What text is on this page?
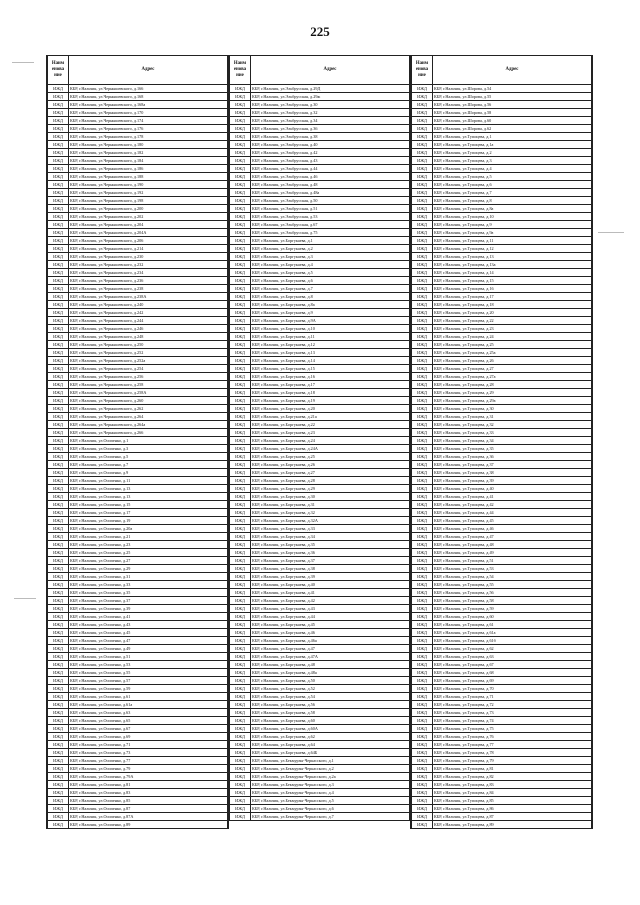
225
Наим енова ние	Адрес
ИЖД	КБР, г.Нальчик, ул.Чернышевского, д.166
ИЖД	КБР, г.Нальчик, ул.Чернышевского, д.168
ИЖД	КБР, г.Нальчик, ул.Чернышевского, д.168а
ИЖД	КБР, г.Нальчик, ул.Чернышевского, д.170
ИЖД	КБР, г.Нальчик, ул.Чернышевского, д.174
ИЖД	КБР, г.Нальчик, ул.Чернышевского, д.176
ИЖД	КБР, г.Нальчик, ул.Чернышевского, д.178
ИЖД	КБР, г.Нальчик, ул.Чернышевского, д.180
ИЖД	КБР, г.Нальчик, ул.Чернышевского, д.182
ИЖД	КБР, г.Нальчик, ул.Чернышевского, д.184
ИЖД	КБР, г.Нальчик, ул.Чернышевского, д.186
ИЖД	КБР, г.Нальчик, ул.Чернышевского, д.188
ИЖД	КБР, г.Нальчик, ул.Чернышевского, д.190
ИЖД	КБР, г.Нальчик, ул.Чернышевского, д.192
ИЖД	КБР, г.Нальчик, ул.Чернышевского, д.198
ИЖД	КБР, г.Нальчик, ул.Чернышевского, д.200
ИЖД	КБР, г.Нальчик, ул.Чернышевского, д.202
ИЖД	КБР, г.Нальчик, ул.Чернышевского, д.204
ИЖД	КБР, г.Нальчик, ул.Чернышевского, д.204А
ИЖД	КБР, г.Нальчик, ул.Чернышевского, д.206
ИЖД	КБР, г.Нальчик, ул.Чернышевского, д.214
ИЖД	КБР, г.Нальчик, ул.Чернышевского, д.230
ИЖД	КБР, г.Нальчик, ул.Чернышевского, д.232
ИЖД	КБР, г.Нальчик, ул.Чернышевского, д.234
ИЖД	КБР, г.Нальчик, ул.Чернышевского, д.236
ИЖД	КБР, г.Нальчик, ул.Чернышевского, д.238
ИЖД	КБР, г.Нальчик, ул.Чернышевского, д.238А
ИЖД	КБР, г.Нальчик, ул.Чернышевского, д.240
ИЖД	КБР, г.Нальчик, ул.Чернышевского, д.242
ИЖД	КБР, г.Нальчик, ул.Чернышевского, д.244
ИЖД	КБР, г.Нальчик, ул.Чернышевского, д.246
ИЖД	КБР, г.Нальчик, ул.Чернышевского, д.248
ИЖД	КБР, г.Нальчик, ул.Чернышевского, д.250
ИЖД	КБР, г.Нальчик, ул.Чернышевского, д.252
ИЖД	КБР, г.Нальчик, ул.Чернышевского, д.252а
ИЖД	КБР, г.Нальчик, ул.Чернышевского, д.254
ИЖД	КБР, г.Нальчик, ул.Чернышевского, д.256
ИЖД	КБР, г.Нальчик, ул.Чернышевского, д.258
ИЖД	КБР, г.Нальчик, ул.Чернышевского, д.258А
ИЖД	КБР, г.Нальчик, ул.Чернышевского, д.260
ИЖД	КБР, г.Нальчик, ул.Чернышевского, д.262
ИЖД	КБР, г.Нальчик, ул.Чернышевского, д.264
ИЖД	КБР, г.Нальчик, ул.Чернышевского, д.264а
ИЖД	КБР, г.Нальчик, ул.Чернышевского, д.266
ИЖД	КБР, г.Нальчик, ул.Осипенко, д.1
ИЖД	КБР, г.Нальчик, ул.Осипенко, д.3
ИЖД	КБР, г.Нальчик, ул.Осипенко, д.5
ИЖД	КБР, г.Нальчик, ул.Осипенко, д.7
ИЖД	КБР, г.Нальчик, ул.Осипенко, д.9
ИЖД	КБР, г.Нальчик, ул.Осипенко, д.11
ИЖД	КБР, г.Нальчик, ул.Осипенко, д.13
ИЖД	КБР, г.Нальчик, ул.Осипенко, д.13
ИЖД	КБР, г.Нальчик, ул.Осипенко, д.15
ИЖД	КБР, г.Нальчик, ул.Осипенко, д.17
ИЖД	КБР, г.Нальчик, ул.Осипенко, д.19
ИЖД	КБР, г.Нальчик, ул.Осипенко, д.20а
ИЖД	КБР, г.Нальчик, ул.Осипенко, д.21
ИЖД	КБР, г.Нальчик, ул.Осипенко, д.23
ИЖД	КБР, г.Нальчик, ул.Осипенко, д.25
ИЖД	КБР, г.Нальчик, ул.Осипенко, д.27
ИЖД	КБР, г.Нальчик, ул.Осипенко, д.29
ИЖД	КБР, г.Нальчик, ул.Осипенко, д.31
ИЖД	КБР, г.Нальчик, ул.Осипенко, д.33
ИЖД	КБР, г.Нальчик, ул.Осипенко, д.35
ИЖД	КБР, г.Нальчик, ул.Осипенко, д.37
ИЖД	КБР, г.Нальчик, ул.Осипенко, д.39
ИЖД	КБР, г.Нальчик, ул.Осипенко, д.41
ИЖД	КБР, г.Нальчик, ул.Осипенко, д.43
ИЖД	КБР, г.Нальчик, ул.Осипенко, д.45
ИЖД	КБР, г.Нальчик, ул.Осипенко, д.47
ИЖД	КБР, г.Нальчик, ул.Осипенко, д.49
ИЖД	КБР, г.Нальчик, ул.Осипенко, д.51
ИЖД	КБР, г.Нальчик, ул.Осипенко, д.53
ИЖД	КБР, г.Нальчик, ул.Осипенко, д.55
ИЖД	КБР, г.Нальчик, ул.Осипенко, д.57
ИЖД	КБР, г.Нальчик, ул.Осипенко, д.59
ИЖД	КБР, г.Нальчик, ул.Осипенко, д.61
ИЖД	КБР, г.Нальчик, ул.Осипенко, д.61а
ИЖД	КБР, г.Нальчик, ул.Осипенко, д.63
ИЖД	КБР, г.Нальчик, ул.Осипенко, д.65
ИЖД	КБР, г.Нальчик, ул.Осипенко, д.67
ИЖД	КБР, г.Нальчик, ул.Осипенко, д.69
ИЖД	КБР, г.Нальчик, ул.Осипенко, д.71
ИЖД	КБР, г.Нальчик, ул.Осипенко, д.73
ИЖД	КБР, г.Нальчик, ул.Осипенко, д.77
ИЖД	КБР, г.Нальчик, ул.Осипенко, д.79
ИЖД	КБР, г.Нальчик, ул.Осипенко, д.79А
ИЖД	КБР, г.Нальчик, ул.Осипенко, д.81
ИЖД	КБР, г.Нальчик, ул.Осипенко, д.83
ИЖД	КБР, г.Нальчик, ул.Осипенко, д.85
ИЖД	КБР, г.Нальчик, ул.Осипенко, д.87
ИЖД	КБР, г.Нальчик, ул.Осипенко, д.87А
ИЖД	КБР, г.Нальчик, ул.Осипенко, д.89
Наим енова ние	Адрес
ИЖД	КБР, г.Нальчик, ул.Эльбрусская, д.29Д
ИЖД	КБР, г.Нальчик, ул.Эльбрусская, д.29ж
ИЖД	КБР, г.Нальчик, ул.Эльбрусская, д.30
ИЖД	КБР, г.Нальчик, ул.Эльбрусская, д.32
ИЖД	КБР, г.Нальчик, ул.Эльбрусская, д.34
ИЖД	КБР, г.Нальчик, ул.Эльбрусская, д.36
ИЖД	КБР, г.Нальчик, ул.Эльбрусская, д.38
ИЖД	КБР, г.Нальчик, ул.Эльбрусская, д.40
ИЖД	КБР, г.Нальчик, ул.Эльбрусская, д.42
ИЖД	КБР, г.Нальчик, ул.Эльбрусская, д.43
ИЖД	КБР, г.Нальчик, ул.Эльбрусская, д.44
ИЖД	КБР, г.Нальчик, ул.Эльбрусская, д.46
ИЖД	КБР, г.Нальчик, ул.Эльбрусская, д.48
ИЖД	КБР, г.Нальчик, ул.Эльбрусская, д.48а
ИЖД	КБР, г.Нальчик, ул.Эльбрусская, д.50
ИЖД	КБР, г.Нальчик, ул.Эльбрусская, д.51
ИЖД	КБР, г.Нальчик, ул.Эльбрусская, д.53
ИЖД	КБР, г.Нальчик, ул.Эльбрусская, д.67
ИЖД	КБР, г.Нальчик, ул.Эльбрусская, д.75
ИЖД	КБР, г.Нальчик, ул.Боргукаева, д.1
ИЖД	КБР, г.Нальчик, ул.Боргукаева, д.2
ИЖД	КБР, г.Нальчик, ул.Боргукаева, д.3
ИЖД	КБР, г.Нальчик, ул.Боргукаева, д.4
ИЖД	КБР, г.Нальчик, ул.Боргукаева, д.5
ИЖД	КБР, г.Нальчик, ул.Боргукаева, д.6
ИЖД	КБР, г.Нальчик, ул.Боргукаева, д.7
ИЖД	КБР, г.Нальчик, ул.Боргукаева, д.8
ИЖД	КБР, г.Нальчик, ул.Боргукаева, д.8а
ИЖД	КБР, г.Нальчик, ул.Боргукаева, д.9
ИЖД	КБР, г.Нальчик, ул.Боргукаева, д.9А
ИЖД	КБР, г.Нальчик, ул.Боргукаева, д.10
ИЖД	КБР, г.Нальчик, ул.Боргукаева, д.11
ИЖД	КБР, г.Нальчик, ул.Боргукаева, д.12
ИЖД	КБР, г.Нальчик, ул.Боргукаева, д.13
ИЖД	КБР, г.Нальчик, ул.Боргукаева, д.14
ИЖД	КБР, г.Нальчик, ул.Боргукаева, д.15
ИЖД	КБР, г.Нальчик, ул.Боргукаева, д.16
ИЖД	КБР, г.Нальчик, ул.Боргукаева, д.17
ИЖД	КБР, г.Нальчик, ул.Боргукаева, д.18
ИЖД	КБР, г.Нальчик, ул.Боргукаева, д.19
ИЖД	КБР, г.Нальчик, ул.Боргукаева, д.20
ИЖД	КБР, г.Нальчик, ул.Боргукаева, д.21а
ИЖД	КБР, г.Нальчик, ул.Боргукаева, д.22
ИЖД	КБР, г.Нальчик, ул.Боргукаева, д.23
ИЖД	КБР, г.Нальчик, ул.Боргукаева, д.24
ИЖД	КБР, г.Нальчик, ул.Боргукаева, д.24А
ИЖД	КБР, г.Нальчик, ул.Боргукаева, д.25
ИЖД	КБР, г.Нальчик, ул.Боргукаева, д.26
ИЖД	КБР, г.Нальчик, ул.Боргукаева, д.27
ИЖД	КБР, г.Нальчик, ул.Боргукаева, д.28
ИЖД	КБР, г.Нальчик, ул.Боргукаева, д.29
ИЖД	КБР, г.Нальчик, ул.Боргукаева, д.30
ИЖД	КБР, г.Нальчик, ул.Боргукаева, д.31
ИЖД	КБР, г.Нальчик, ул.Боргукаева, д.32
ИЖД	КБР, г.Нальчик, ул.Боргукаева, д.32А
ИЖД	КБР, г.Нальчик, ул.Боргукаева, д.33
ИЖД	КБР, г.Нальчик, ул.Боргукаева, д.34
ИЖД	КБР, г.Нальчик, ул.Боргукаева, д.35
ИЖД	КБР, г.Нальчик, ул.Боргукаева, д.36
ИЖД	КБР, г.Нальчик, ул.Боргукаева, д.37
ИЖД	КБР, г.Нальчик, ул.Боргукаева, д.38
ИЖД	КБР, г.Нальчик, ул.Боргукаева, д.39
ИЖД	КБР, г.Нальчик, ул.Боргукаева, д.40
ИЖД	КБР, г.Нальчик, ул.Боргукаева, д.41
ИЖД	КБР, г.Нальчик, ул.Боргукаева, д.42
ИЖД	КБР, г.Нальчик, ул.Боргукаева, д.43
ИЖД	КБР, г.Нальчик, ул.Боргукаева, д.44
ИЖД	КБР, г.Нальчик, ул.Боргукаева, д.45
ИЖД	КБР, г.Нальчик, ул.Боргукаева, д.46
ИЖД	КБР, г.Нальчик, ул.Боргукаева, д.46а
ИЖД	КБР, г.Нальчик, ул.Боргукаева, д.47
ИЖД	КБР, г.Нальчик, ул.Боргукаева, д.47А
ИЖД	КБР, г.Нальчик, ул.Боргукаева, д.48
ИЖД	КБР, г.Нальчик, ул.Боргукаева, д.48а
ИЖД	КБР, г.Нальчик, ул.Боргукаева, д.50
ИЖД	КБР, г.Нальчик, ул.Боргукаева, д.52
ИЖД	КБР, г.Нальчик, ул.Боргукаева, д.54
ИЖД	КБР, г.Нальчик, ул.Боргукаева, д.56
ИЖД	КБР, г.Нальчик, ул.Боргукаева, д.58
ИЖД	КБР, г.Нальчик, ул.Боргукаева, д.60
ИЖД	КБР, г.Нальчик, ул.Боргукаева, д.60А
ИЖД	КБР, г.Нальчик, ул.Боргукаева, д.62
ИЖД	КБР, г.Нальчик, ул.Боргукаева, д.64
ИЖД	КБР, г.Нальчик, ул.Боргукаева, д.64Б
ИЖД	КБР, г.Нальчик, ул.Бекмурзы-Черкасского, д.1
ИЖД	КБР, г.Нальчик, ул.Бекмурзы-Черкасского, д.2
ИЖД	КБР, г.Нальчик, ул.Бекмурзы-Черкасского, д.2а
ИЖД	КБР, г.Нальчик, ул.Бекмурзы-Черкасского, д.3
ИЖД	КБР, г.Нальчик, ул.Бекмурзы-Черкасского, д.4
ИЖД	КБР, г.Нальчик, ул.Бекмурзы-Черкасского, д.5
ИЖД	КБР, г.Нальчик, ул.Бекмурзы-Черкасского, д.6
ИЖД	КБР, г.Нальчик, ул.Бекмурзы-Черкасского, д.7
Наим енова ние	Адрес
ИЖД	КБР, г.Нальчик, ул.Шорова, д.54
ИЖД	КБР, г.Нальчик, ул.Шорова, д.55
ИЖД	КБР, г.Нальчик, ул.Шорова, д.56
ИЖД	КБР, г.Нальчик, ул.Шорова, д.58
ИЖД	КБР, г.Нальчик, ул.Шорова, д.60
ИЖД	КБР, г.Нальчик, ул.Шорова, д.62
ИЖД	КБР, г.Нальчик, ул.Тупоцева, д.1
ИЖД	КБР, г.Нальчик, ул.Тупоцева, д.1а
ИЖД	КБР, г.Нальчик, ул.Тупоцева, д.2
ИЖД	КБР, г.Нальчик, ул.Тупоцева, д.3
ИЖД	КБР, г.Нальчик, ул.Тупоцева, д.4
ИЖД	КБР, г.Нальчик, ул.Тупоцева, д.5
ИЖД	КБР, г.Нальчик, ул.Тупоцева, д.6
ИЖД	КБР, г.Нальчик, ул.Тупоцева, д.7
ИЖД	КБР, г.Нальчик, ул.Тупоцева, д.8
ИЖД	КБР, г.Нальчик, ул.Тупоцева, д.8а
ИЖД	КБР, г.Нальчик, ул.Тупоцева, д.10
ИЖД	КБР, г.Нальчик, ул.Тупоцева, д.9
ИЖД	КБР, г.Нальчик, ул.Тупоцева, д.9а
ИЖД	КБР, г.Нальчик, ул.Тупоцева, д.11
ИЖД	КБР, г.Нальчик, ул.Тупоцева, д.12
ИЖД	КБР, г.Нальчик, ул.Тупоцева, д.13
ИЖД	КБР, г.Нальчик, ул.Тупоцева, д.13а
ИЖД	КБР, г.Нальчик, ул.Тупоцева, д.14
ИЖД	КБР, г.Нальчик, ул.Тупоцева, д.15
ИЖД	КБР, г.Нальчик, ул.Тупоцева, д.16
ИЖД	КБР, г.Нальчик, ул.Тупоцева, д.17
ИЖД	КБР, г.Нальчик, ул.Тупоцева, д.18
ИЖД	КБР, г.Нальчик, ул.Тупоцева, д.20
ИЖД	КБР, г.Нальчик, ул.Тупоцева, д.22
ИЖД	КБР, г.Нальчик, ул.Тупоцева, д.23
ИЖД	КБР, г.Нальчик, ул.Тупоцева, д.24
ИЖД	КБР, г.Нальчик, ул.Тупоцева, д.25
ИЖД	КБР, г.Нальчик, ул.Тупоцева, д.25а
ИЖД	КБР, г.Нальчик, ул.Тупоцева, д.26
ИЖД	КБР, г.Нальчик, ул.Тупоцева, д.27
ИЖД	КБР, г.Нальчик, ул.Тупоцева, д.27а
ИЖД	КБР, г.Нальчик, ул.Тупоцева, д.28
ИЖД	КБР, г.Нальчик, ул.Тупоцева, д.29
ИЖД	КБР, г.Нальчик, ул.Тупоцева, д.29а
ИЖД	КБР, г.Нальчик, ул.Тупоцева, д.30
ИЖД	КБР, г.Нальчик, ул.Тупоцева, д.31
ИЖД	КБР, г.Нальчик, ул.Тупоцева, д.32
ИЖД	КБР, г.Нальчик, ул.Тупоцева, д.33
ИЖД	КБР, г.Нальчик, ул.Тупоцева, д.34
ИЖД	КБР, г.Нальчик, ул.Тупоцева, д.35
ИЖД	КБР, г.Нальчик, ул.Тупоцева, д.36
ИЖД	КБР, г.Нальчик, ул.Тупоцева, д.37
ИЖД	КБР, г.Нальчик, ул.Тупоцева, д.38
ИЖД	КБР, г.Нальчик, ул.Тупоцева, д.39
ИЖД	КБР, г.Нальчик, ул.Тупоцева, д.40
ИЖД	КБР, г.Нальчик, ул.Тупоцева, д.41
ИЖД	КБР, г.Нальчик, ул.Тупоцева, д.42
ИЖД	КБР, г.Нальчик, ул.Тупоцева, д.44
ИЖД	КБР, г.Нальчик, ул.Тупоцева, д.45
ИЖД	КБР, г.Нальчик, ул.Тупоцева, д.46
ИЖД	КБР, г.Нальчик, ул.Тупоцева, д.47
ИЖД	КБР, г.Нальчик, ул.Тупоцева, д.48
ИЖД	КБР, г.Нальчик, ул.Тупоцева, д.49
ИЖД	КБР, г.Нальчик, ул.Тупоцева, д.51
ИЖД	КБР, г.Нальчик, ул.Тупоцева, д.53
ИЖД	КБР, г.Нальчик, ул.Тупоцева, д.54
ИЖД	КБР, г.Нальчик, ул.Тупоцева, д.55
ИЖД	КБР, г.Нальчик, ул.Тупоцева, д.56
ИЖД	КБР, г.Нальчик, ул.Тупоцева, д.58
ИЖД	КБР, г.Нальчик, ул.Тупоцева, д.59
ИЖД	КБР, г.Нальчик, ул.Тупоцева, д.60
ИЖД	КБР, г.Нальчик, ул.Тупоцева, д.61
ИЖД	КБР, г.Нальчик, ул.Тупоцева, д.61а
ИЖД	КБР, г.Нальчик, ул.Тупоцева, д.61б
ИЖД	КБР, г.Нальчик, ул.Тупоцева, д.62
ИЖД	КБР, г.Нальчик, ул.Тупоцева, д.63
ИЖД	КБР, г.Нальчик, ул.Тупоцева, д.67
ИЖД	КБР, г.Нальчик, ул.Тупоцева, д.68
ИЖД	КБР, г.Нальчик, ул.Тупоцева, д.69
ИЖД	КБР, г.Нальчик, ул.Тупоцева, д.70
ИЖД	КБР, г.Нальчик, ул.Тупоцева, д.71
ИЖД	КБР, г.Нальчик, ул.Тупоцева, д.72
ИЖД	КБР, г.Нальчик, ул.Тупоцева, д.73
ИЖД	КБР, г.Нальчик, ул.Тупоцева, д.74
ИЖД	КБР, г.Нальчик, ул.Тупоцева, д.75
ИЖД	КБР, г.Нальчик, ул.Тупоцева, д.76
ИЖД	КБР, г.Нальчик, ул.Тупоцева, д.77
ИЖД	КБР, г.Нальчик, ул.Тупоцева, д.78
ИЖД	КБР, г.Нальчик, ул.Тупоцева, д.79
ИЖД	КБР, г.Нальчик, ул.Тупоцева, д.81
ИЖД	КБР, г.Нальчик, ул.Тупоцева, д.82
ИЖД	КБР, г.Нальчик, ул.Тупоцева, д.83
ИЖД	КБР, г.Нальчик, ул.Тупоцева, д.84
ИЖД	КБР, г.Нальчик, ул.Тупоцева, д.85
ИЖД	КБР, г.Нальчик, ул.Тупоцева, д.86
ИЖД	КБР, г.Нальчик, ул.Тупоцева, д.87
ИЖД	КБР, г.Нальчик, ул.Тупоцева, д.89
